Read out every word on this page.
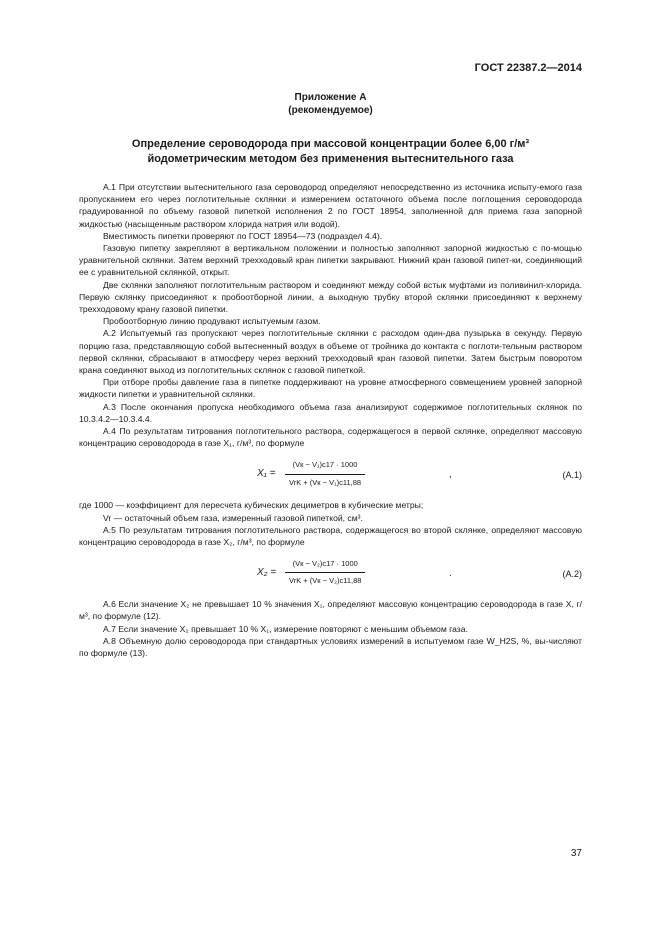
ГОСТ 22387.2—2014
Приложение А
(рекомендуемое)
Определение сероводорода при массовой концентрации более 6,00 г/м³
йодометрическим методом без применения вытеснительного газа

А.1 При отсутствии вытеснительного газа сероводород определяют непосредственно из источника испыту-емого газа пропусканием его через поглотительные склянки и измерением остаточного объема после поглощения сероводорода градуированной по объему газовой пипеткой исполнения 2 по ГОСТ 18954, заполненной для приема газа запорной жидкостью (насыщенным раствором хлорида натрия или водой).

Вместимость пипетки проверяют по ГОСТ 18954—73 (подраздел 4.4).

Газовую пипетку закрепляют в вертикальном положении и полностью заполняют запорной жидкостью с по-мощью уравнительной склянки. Затем верхний трехходовый кран пипетки закрывают. Нижний кран газовой пипет-ки, соединяющий ее с уравнительной склянкой, открыт.

Две склянки заполняют поглотительным раствором и соединяют между собой встык муфтами из поливинил-хлорида. Первую склянку присоединяют к пробоотборной линии, а выходную трубку второй склянки присоединяют к верхнему трехходовому крану газовой пипетки.

Пробоотборную линию продувают испытуемым газом.

А.2 Испытуемый газ пропускают через поглотительные склянки с расходом один-два пузырька в секунду. Первую порцию газа, представляющую собой вытесненный воздух в объеме от тройника до контакта с поглоти-тельным раствором первой склянки, сбрасывают в атмосферу через верхний трехходовый кран газовой пипетки. Затем быстрым поворотом крана соединяют выход из поглотительных склянок с газовой пипеткой.

При отборе пробы давление газа в пипетке поддерживают на уровне атмосферного совмещением уровней запорной жидкости пипетки и уравнительной склянки.

А.3 После окончания пропуска необходимого объема газа анализируют содержимое поглотительных склянок по 10.3.4.2—10.3.4.4.

А.4 По результатам титрования поглотительного раствора, содержащегося в первой склянке, определяют массовую концентрацию сероводорода в газе X₁, г/м³, по формуле

X₁ =
(Vк − V₁)c17 · 1000
VrK + (Vк − V₁)c11,88
,	(А.1)

где 1000 — коэффициент для пересчета кубических дециметров в кубические метры;

Vr — остаточный объем газа, измеренный газовой пипеткой, см³.

А.5 По результатам титрования поглотительного раствора, содержащегося во второй склянке, определяют массовую концентрацию сероводорода в газе X₂, г/м³, по формуле

X₂ =
(Vк − V₂)c17 · 1000
VrK + (Vк − V₂)c11,88
.	(А.2)

А.6 Если значение X₂ не превышает 10 % значения X₁, определяют массовую концентрацию сероводорода в газе X, г/м³, по формуле (12).

А.7 Если значение X₂ превышает 10 % X₁, измерение повторяют с меньшим объемом газа.

А.8 Объемную долю сероводорода при стандартных условиях измерений в испытуемом газе W_H2S, %, вы-числяют по формуле (13).

37
